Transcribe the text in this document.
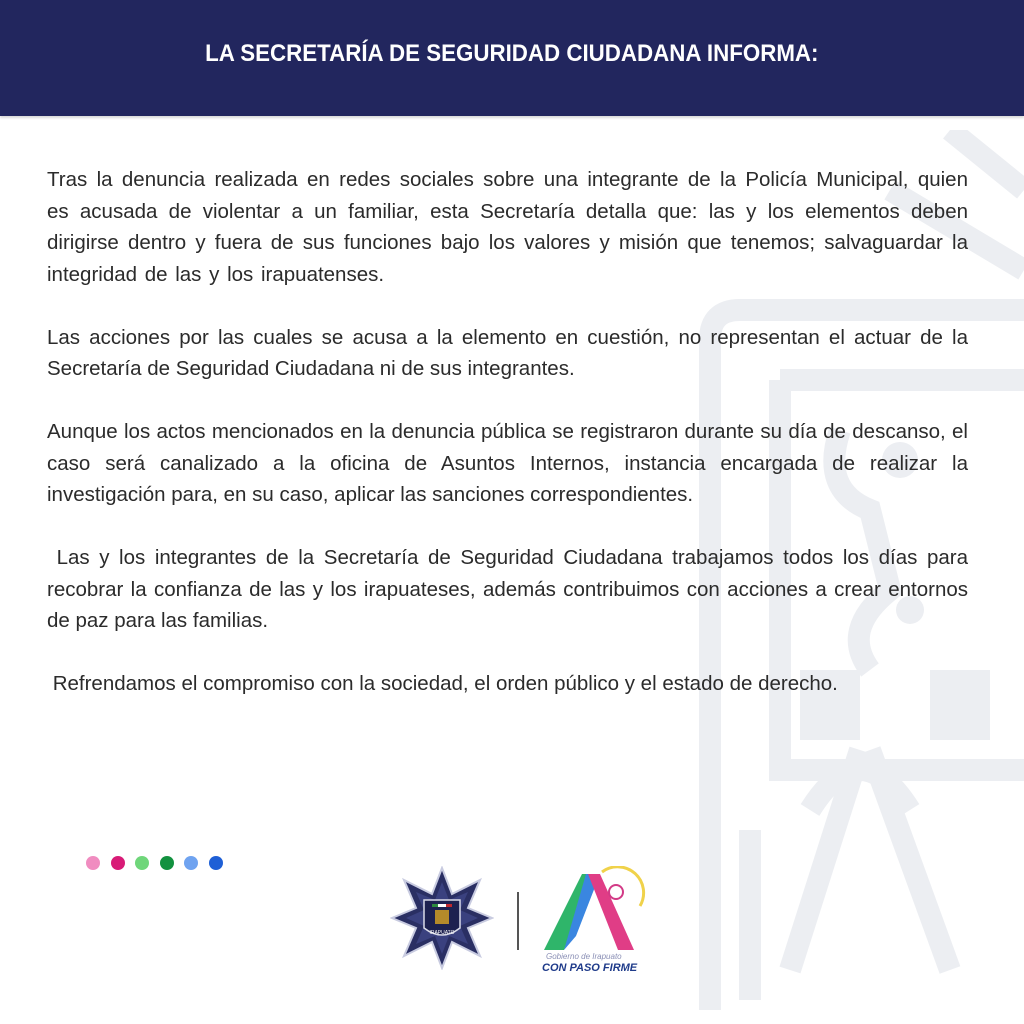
LA SECRETARÍA DE SEGURIDAD CIUDADANA INFORMA:

Tras la denuncia realizada en redes sociales sobre una integrante de la Policía Municipal, quien es acusada de violentar a un familiar, esta Secretaría detalla que: las y los elementos deben dirigirse dentro y fuera de sus funciones bajo los valores y misión que tenemos; salvaguardar la integridad de las y los irapuatenses.

Las acciones por las cuales se acusa a la elemento en cuestión, no representan el actuar de la Secretaría de Seguridad Ciudadana ni de sus integrantes.

Aunque los actos mencionados en la denuncia pública se registraron durante su día de descanso, el caso será canalizado a la oficina de Asuntos Internos, instancia encargada de realizar la investigación para, en su caso, aplicar las sanciones correspondientes.

Las y los integrantes de la Secretaría de Seguridad Ciudadana trabajamos todos los días para recobrar la confianza de las y los irapuateses, además contribuimos con acciones a crear entornos de paz para las familias.

Refrendamos el compromiso con la sociedad, el orden público y el estado de derecho.

IRAPUATO
Gobierno de Irapuato
CON PASO FIRME
